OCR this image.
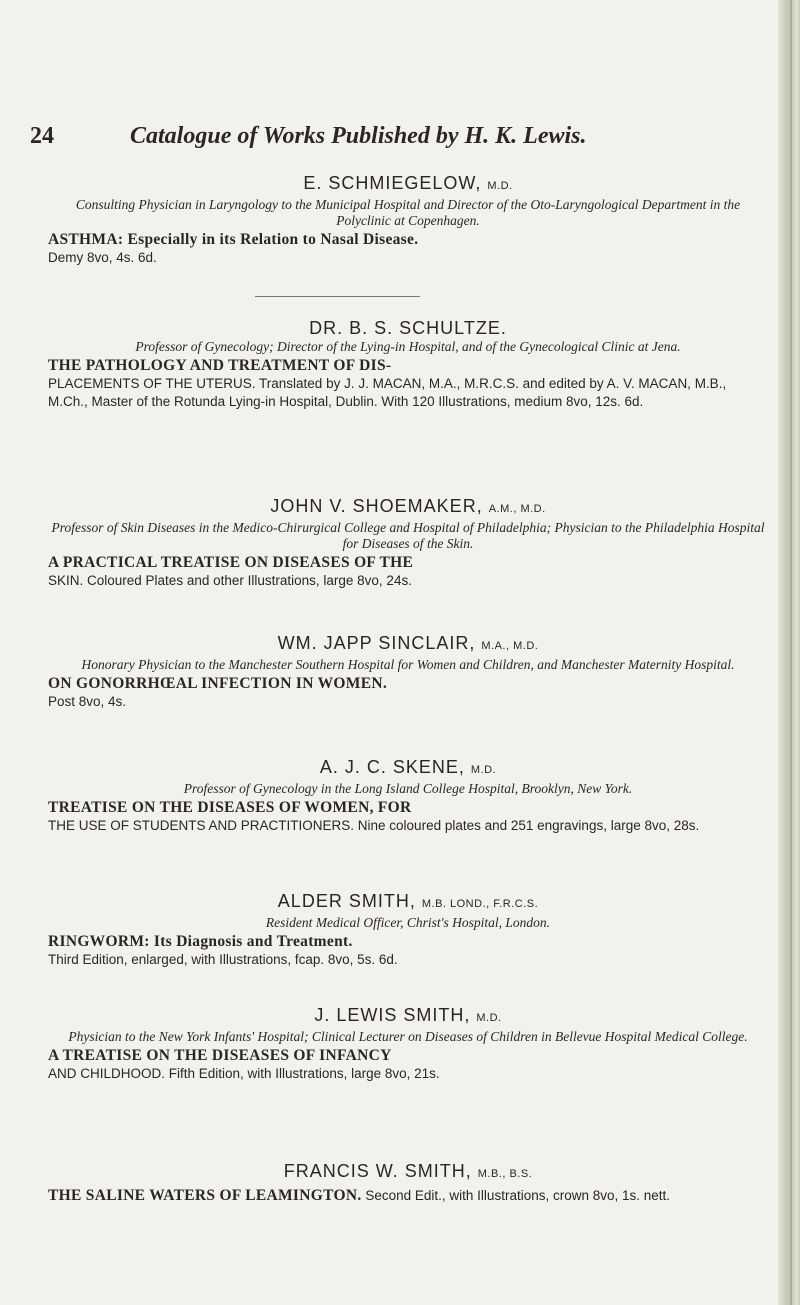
24	Catalogue of Works Published by H. K. Lewis.

E. SCHMIEGELOW, M.D.

Consulting Physician in Laryngology to the Municipal Hospital and Director of the Oto-Laryngological Department in the Polyclinic at Copenhagen.

ASTHMA: Especially in its Relation to Nasal Disease.
Demy 8vo, 4s. 6d.

DR. B. S. SCHULTZE.

Professor of Gynecology; Director of the Lying-in Hospital, and of the Gynecological Clinic at Jena.

THE PATHOLOGY AND TREATMENT OF DIS-
PLACEMENTS OF THE UTERUS. Translated by J. J. MACAN, M.A., M.R.C.S. and edited by A. V. MACAN, M.B., M.Ch., Master of the Rotunda Lying-in Hospital, Dublin. With 120 Illustrations, medium 8vo, 12s. 6d.

JOHN V. SHOEMAKER, A.M., M.D.

Professor of Skin Diseases in the Medico-Chirurgical College and Hospital of Philadelphia; Physician to the Philadelphia Hospital for Diseases of the Skin.

A PRACTICAL TREATISE ON DISEASES OF THE
SKIN. Coloured Plates and other Illustrations, large 8vo, 24s.

WM. JAPP SINCLAIR, M.A., M.D.

Honorary Physician to the Manchester Southern Hospital for Women and Children, and Manchester Maternity Hospital.

ON GONORRHŒAL INFECTION IN WOMEN.
Post 8vo, 4s.

A. J. C. SKENE, M.D.

Professor of Gynecology in the Long Island College Hospital, Brooklyn, New York.

TREATISE ON THE DISEASES OF WOMEN, FOR
THE USE OF STUDENTS AND PRACTITIONERS. Nine coloured plates and 251 engravings, large 8vo, 28s.

ALDER SMITH, M.B. LOND., F.R.C.S.

Resident Medical Officer, Christ's Hospital, London.

RINGWORM: Its Diagnosis and Treatment.
Third Edition, enlarged, with Illustrations, fcap. 8vo, 5s. 6d.

J. LEWIS SMITH, M.D.

Physician to the New York Infants' Hospital; Clinical Lecturer on Diseases of Children in Bellevue Hospital Medical College.

A TREATISE ON THE DISEASES OF INFANCY
AND CHILDHOOD. Fifth Edition, with Illustrations, large 8vo, 21s.

FRANCIS W. SMITH, M.B., B.S.

THE SALINE WATERS OF LEAMINGTON. Second Edit., with Illustrations, crown 8vo, 1s. nett.
